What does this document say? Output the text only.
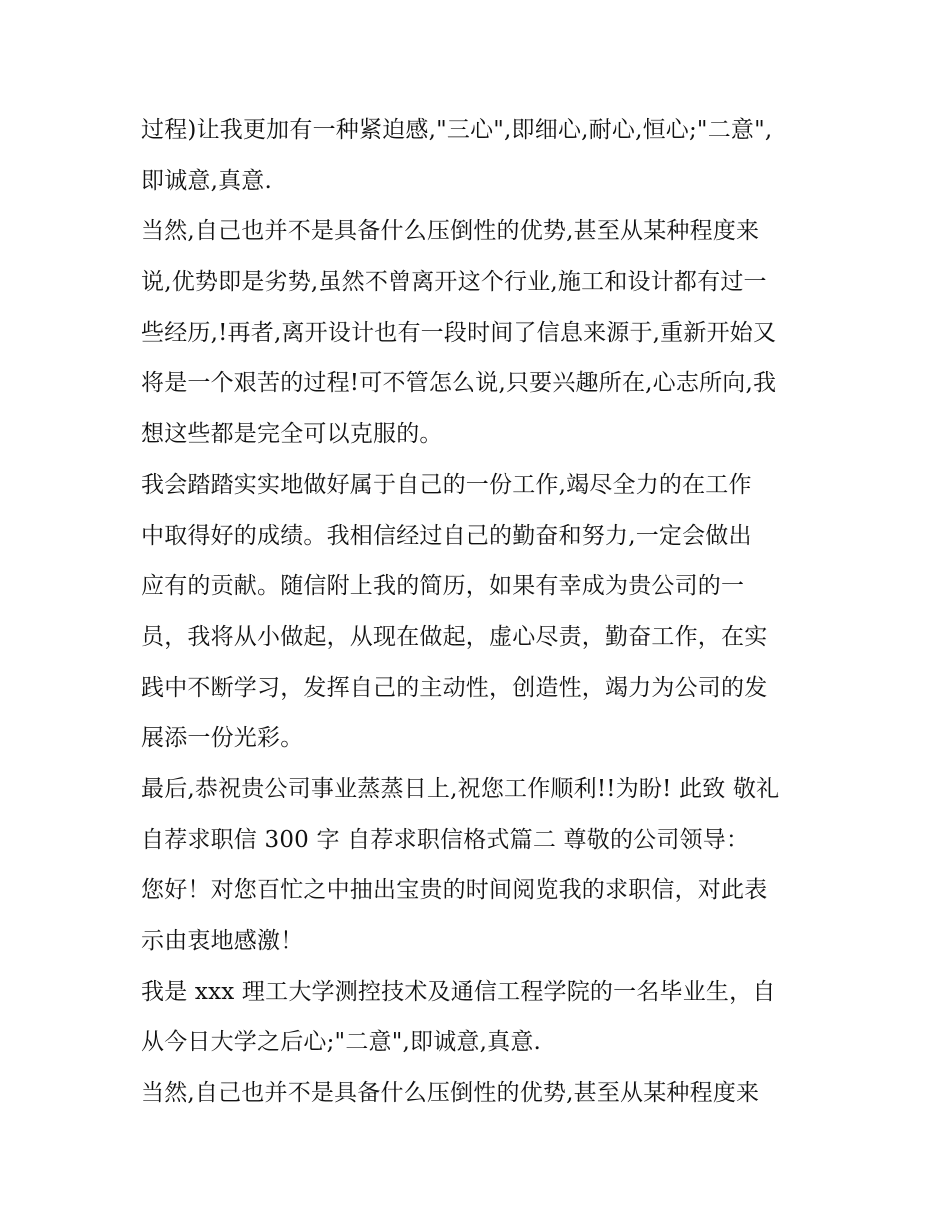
过程)让我更加有一种紧迫感,"三心",即细心,耐心,恒心;"二意",
即诚意,真意.
当然,自己也并不是具备什么压倒性的优势,甚至从某种程度来
说,优势即是劣势,虽然不曾离开这个行业,施工和设计都有过一
些经历,!再者,离开设计也有一段时间了信息来源于,重新开始又
将是一个艰苦的过程!可不管怎么说,只要兴趣所在,心志所向,我
想这些都是完全可以克服的。
我会踏踏实实地做好属于自己的一份工作,竭尽全力的在工作
中取得好的成绩。我相信经过自己的勤奋和努力,一定会做出
应有的贡献。随信附上我的简历，如果有幸成为贵公司的一
员，我将从小做起，从现在做起，虚心尽责，勤奋工作，在实
践中不断学习，发挥自己的主动性，创造性，竭力为公司的发
展添一份光彩。
最后,恭祝贵公司事业蒸蒸日上,祝您工作顺利!!为盼! 此致 敬礼
自荐求职信 300 字 自荐求职信格式篇二 尊敬的公司领导：
您好！对您百忙之中抽出宝贵的时间阅览我的求职信，对此表
示由衷地感激！
我是 xxx 理工大学测控技术及通信工程学院的一名毕业生，自
从今日大学之后心;"二意",即诚意,真意.
当然,自己也并不是具备什么压倒性的优势,甚至从某种程度来
